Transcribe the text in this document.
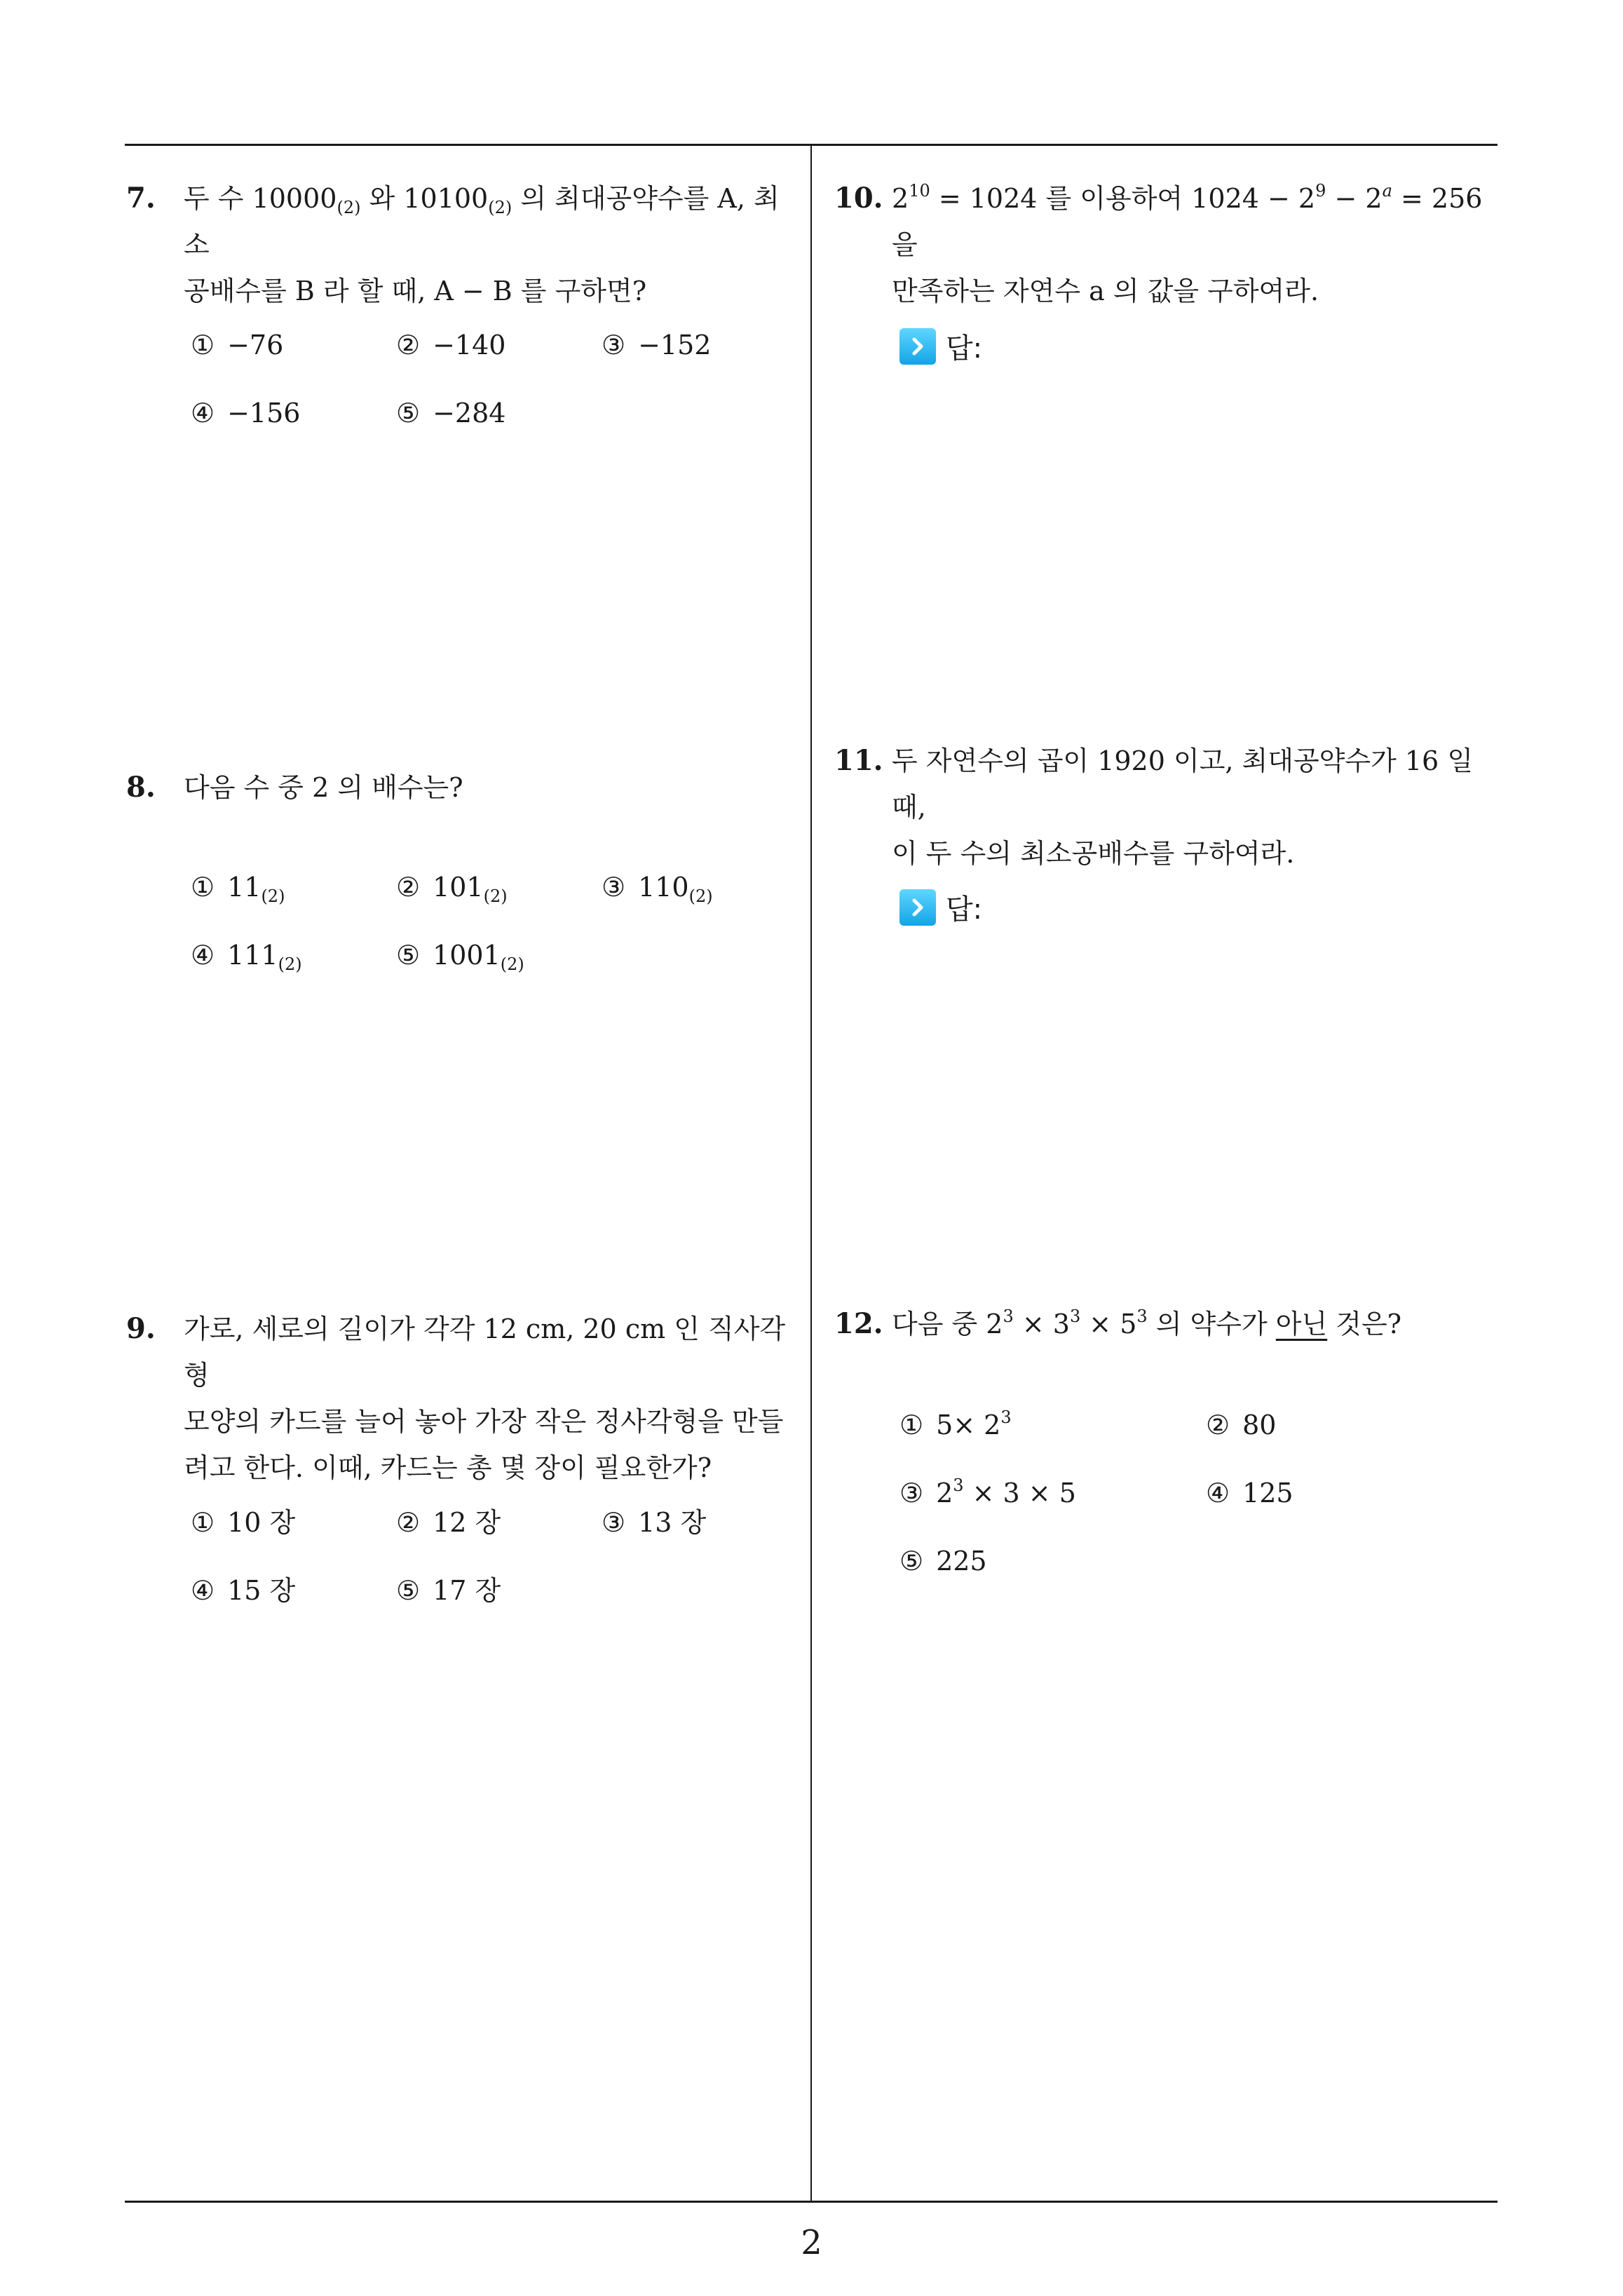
7. 두 수 $10000_{(2)}$ 와 $10100_{(2)}$ 의 최대공약수를 A, 최소
공배수를 B 라 할 때, A − B 를 구하면?
① −76	② −140	③ −152
④ −156	⑤ −284
8. 다음 수 중 2 의 배수는?
① $11_{(2)}$	② $101_{(2)}$	③ $110_{(2)}$
④ $111_{(2)}$	⑤ $1001_{(2)}$
9. 가로, 세로의 길이가 각각 12 cm, 20 cm 인 직사각형
모양의 카드를 늘어 놓아 가장 작은 정사각형을 만들
려고 한다. 이때, 카드는 총 몇 장이 필요한가?
① 10 장	② 12 장	③ 13 장
④ 15 장	⑤ 17 장
10. $2^{10} = 1024$ 를 이용하여 $1024 - 2^9 - 2^a = 256$ 을
만족하는 자연수 a 의 값을 구하여라.
답:
11. 두 자연수의 곱이 1920 이고, 최대공약수가 16 일 때,
이 두 수의 최소공배수를 구하여라.
답:
12. 다음 중 $2^3 \times 3^3 \times 5^3$ 의 약수가 아닌 것은?
① $5\times 2^3$	② 80
③ $2^3 \times 3 \times 5$	④ 125
⑤ 225
2
